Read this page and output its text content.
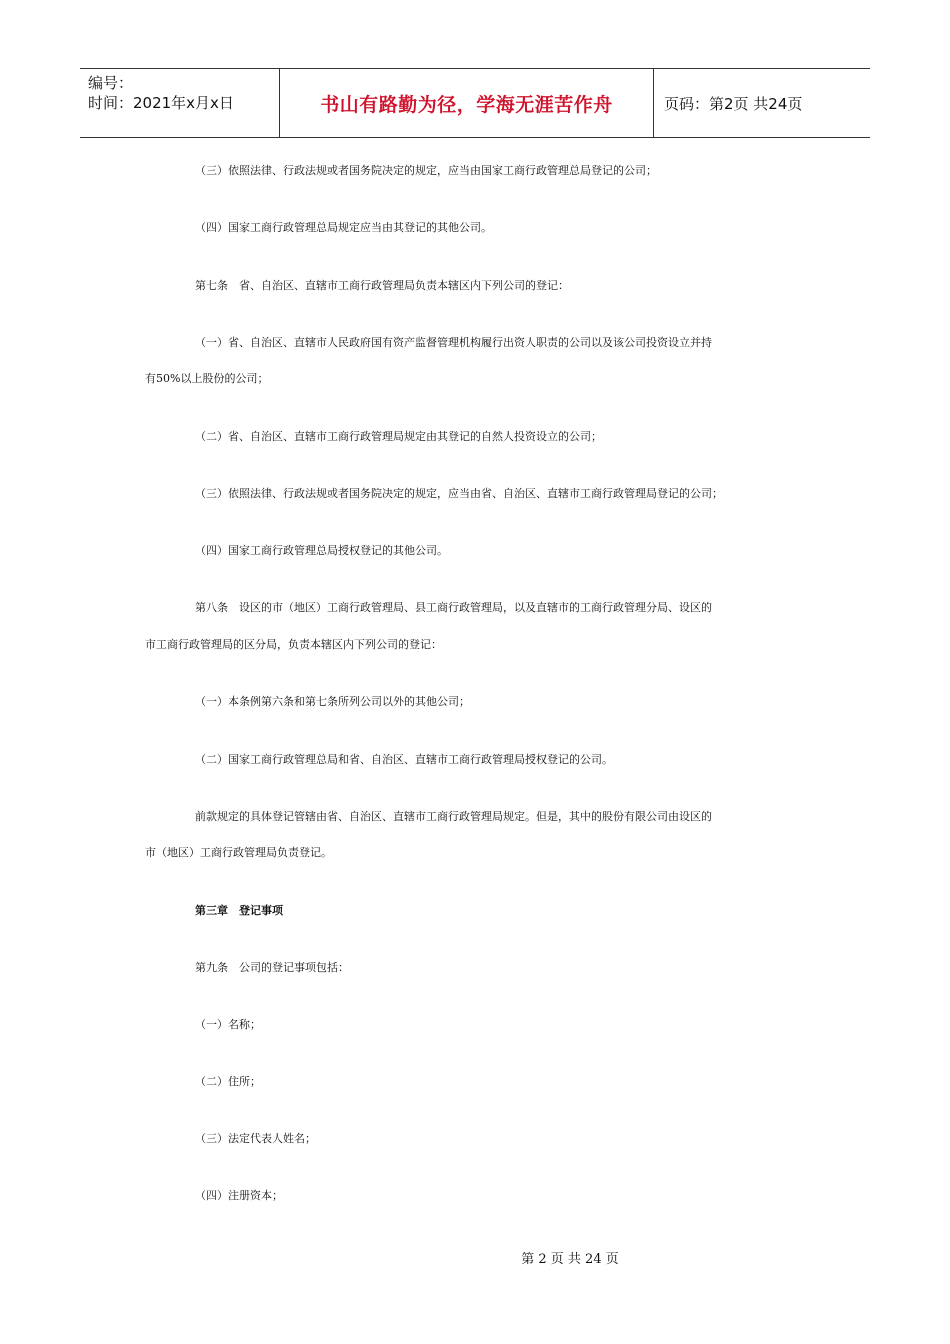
编号：
时间：2021年x月x日	书山有路勤为径，学海无涯苦作舟	页码：第2页 共24页
（三）依照法律、行政法规或者国务院决定的规定，应当由国家工商行政管理总局登记的公司；
（四）国家工商行政管理总局规定应当由其登记的其他公司。
第七条　省、自治区、直辖市工商行政管理局负责本辖区内下列公司的登记：
（一）省、自治区、直辖市人民政府国有资产监督管理机构履行出资人职责的公司以及该公司投资设立并持
有50%以上股份的公司；
（二）省、自治区、直辖市工商行政管理局规定由其登记的自然人投资设立的公司；
（三）依照法律、行政法规或者国务院决定的规定，应当由省、自治区、直辖市工商行政管理局登记的公司；
（四）国家工商行政管理总局授权登记的其他公司。
第八条　设区的市（地区）工商行政管理局、县工商行政管理局，以及直辖市的工商行政管理分局、设区的
市工商行政管理局的区分局，负责本辖区内下列公司的登记：
（一）本条例第六条和第七条所列公司以外的其他公司；
（二）国家工商行政管理总局和省、自治区、直辖市工商行政管理局授权登记的公司。
前款规定的具体登记管辖由省、自治区、直辖市工商行政管理局规定。但是，其中的股份有限公司由设区的
市（地区）工商行政管理局负责登记。
第三章　登记事项
第九条　公司的登记事项包括：
（一）名称；
（二）住所；
（三）法定代表人姓名；
（四）注册资本；
第 2 页 共 24 页
